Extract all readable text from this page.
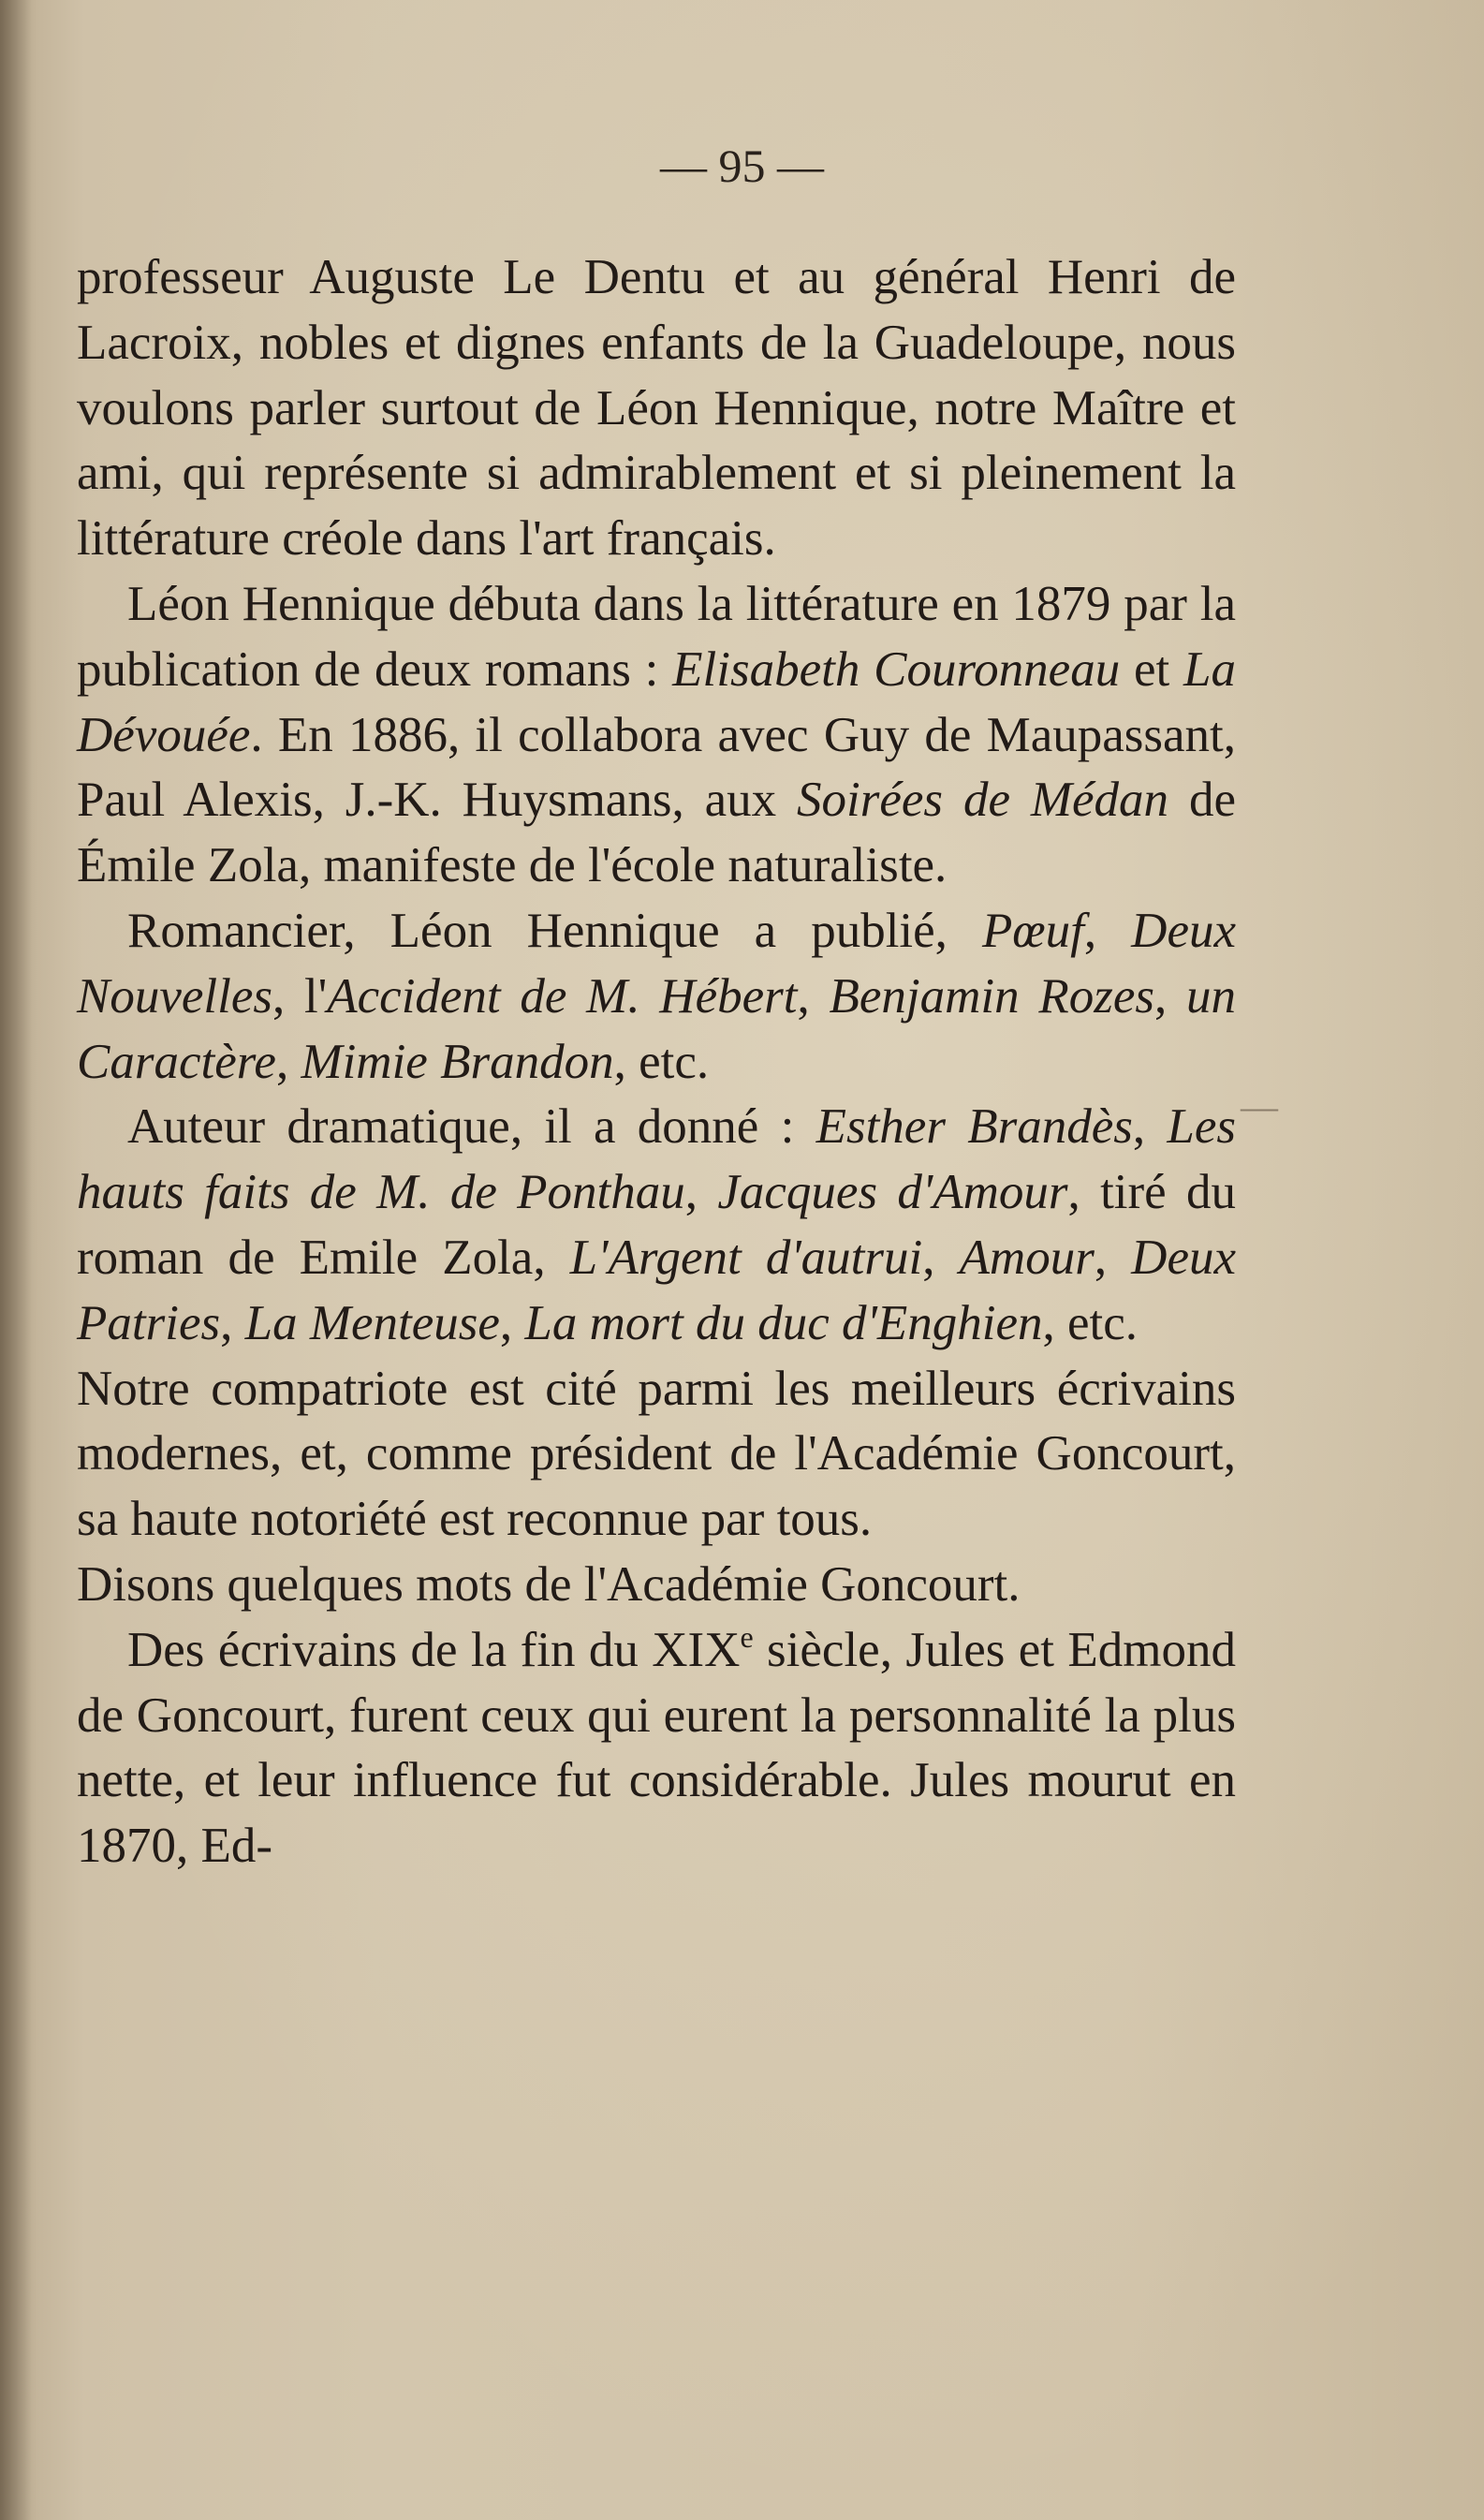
— 95 —
—

professeur Auguste Le Dentu et au général Henri de Lacroix, nobles et dignes enfants de la Guadeloupe, nous voulons parler surtout de Léon Hennique, notre Maître et ami, qui représente si admirablement et si pleinement la littérature créole dans l'art français.

Léon Hennique débuta dans la littérature en 1879 par la publication de deux romans : Elisabeth Couronneau et La Dévouée. En 1886, il collabora avec Guy de Maupassant, Paul Alexis, J.-K. Huysmans, aux Soirées de Médan de Émile Zola, manifeste de l'école naturaliste.

Romancier, Léon Hennique a publié, Pœuf, Deux Nouvelles, l'Accident de M. Hébert, Benjamin Rozes, un Caractère, Mimie Brandon, etc.

Auteur dramatique, il a donné : Esther Brandès, Les hauts faits de M. de Ponthau, Jacques d'Amour, tiré du roman de Emile Zola, L'Argent d'autrui, Amour, Deux Patries, La Menteuse, La mort du duc d'Enghien, etc.

Notre compatriote est cité parmi les meilleurs écrivains modernes, et, comme président de l'Académie Goncourt, sa haute notoriété est reconnue par tous.

Disons quelques mots de l'Académie Goncourt.

Des écrivains de la fin du XIXe siècle, Jules et Edmond de Goncourt, furent ceux qui eurent la personnalité la plus nette, et leur influence fut considérable. Jules mourut en 1870, Ed-
